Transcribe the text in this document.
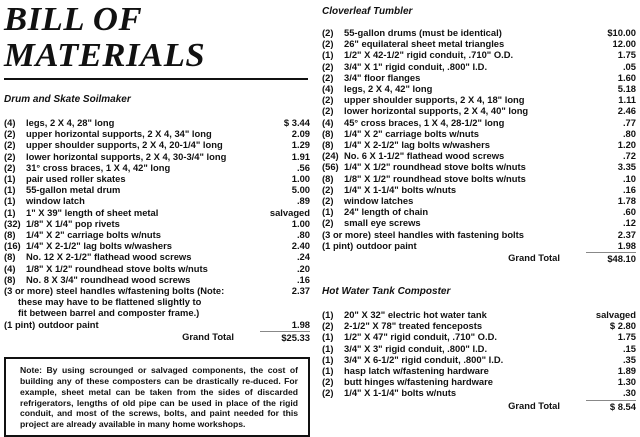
BILL OF MATERIALS
Drum and Skate Soilmaker
(4)	legs, 2 X 4, 28" long	$ 3.44
(2)	upper horizontal supports, 2 X 4, 34" long	2.09
(2)	upper shoulder supports, 2 X 4, 20-1/4" long	1.29
(2)	lower horizontal supports, 2 X 4, 30-3/4" long	1.91
(2)	31° cross braces, 1 X 4, 42" long	.56
(1)	pair used roller skates	1.00
(1)	55-gallon metal drum	5.00
(1)	window latch	.89
(1)	1" X 39" length of sheet metal	salvaged
(32) 1/8" X 1/4" pop rivets	1.00
(8)	1/4" X 2" carriage bolts w/nuts	.80
(16) 1/4" X 2-1/2" lag bolts w/washers	2.40
(8)	No. 12 X 2-1/2" flathead wood screws	.24
(4)	1/8" X 1/2" roundhead stove bolts w/nuts	.20
(8)	No. 8 X 3/4" roundhead wood screws	.16
(3 or more) steel handles w/fastening bolts (Note:	2.37
these may have to be flattened slightly to
fit between barrel and composter frame.)
(1 pint) outdoor paint	1.98
Grand Total	$25.33
Note: By using scrounged or salvaged components, the cost of building any of these composters can be drastically re-duced. For example, sheet metal can be taken from the sides of discarded refrigerators, lengths of old pipe can be used in place of the rigid conduit, and most of the screws, bolts, and paint needed for this project are already available in many home workshops.
Cloverleaf Tumbler
(2)	55-gallon drums (must be identical)	$10.00
(2)	26" equilateral sheet metal triangles	12.00
(1)	1/2" X 42-1/2" rigid conduit, .710" O.D.	1.75
(2)	3/4" X 1" rigid conduit, .800" I.D.	.05
(2)	3/4" floor flanges	1.60
(4)	legs, 2 X 4, 42" long	5.18
(2)	upper shoulder supports, 2 X 4, 18" long	1.11
(2)	lower horizontal supports, 2 X 4, 40" long	2.46
(4)	45° cross braces, 1 X 4, 28-1/2" long	.77
(8)	1/4" X 2" carriage bolts w/nuts	.80
(8)	1/4" X 2-1/2" lag bolts w/washers	1.20
(24) No. 6 X 1-1/2" flathead wood screws	.72
(56) 1/4" X 1/2" roundhead stove bolts w/nuts	3.35
(8)	1/8" X 1/2" roundhead stove bolts w/nuts	.10
(2)	1/4" X 1-1/4" bolts w/nuts	.16
(2)	window latches	1.78
(1)	24" length of chain	.60
(2)	small eye screws	.12
(3 or more) steel handles with fastening bolts	2.37
(1 pint) outdoor paint	1.98
Grand Total	$48.10
Hot Water Tank Composter
(1)	20" X 32" electric hot water tank	salvaged
(2)	2-1/2" X 78" treated fenceposts	$ 2.80
(1)	1/2" X 47" rigid conduit, .710" O.D.	1.75
(1)	3/4" X 3" rigid conduit, .800" I.D.	.15
(1)	3/4" X 6-1/2" rigid conduit, .800" I.D.	.35
(1)	hasp latch w/fastening hardware	1.89
(2)	butt hinges w/fastening hardware	1.30
(2)	1/4" X 1-1/4" bolts w/nuts	.30
Grand Total	$ 8.54
